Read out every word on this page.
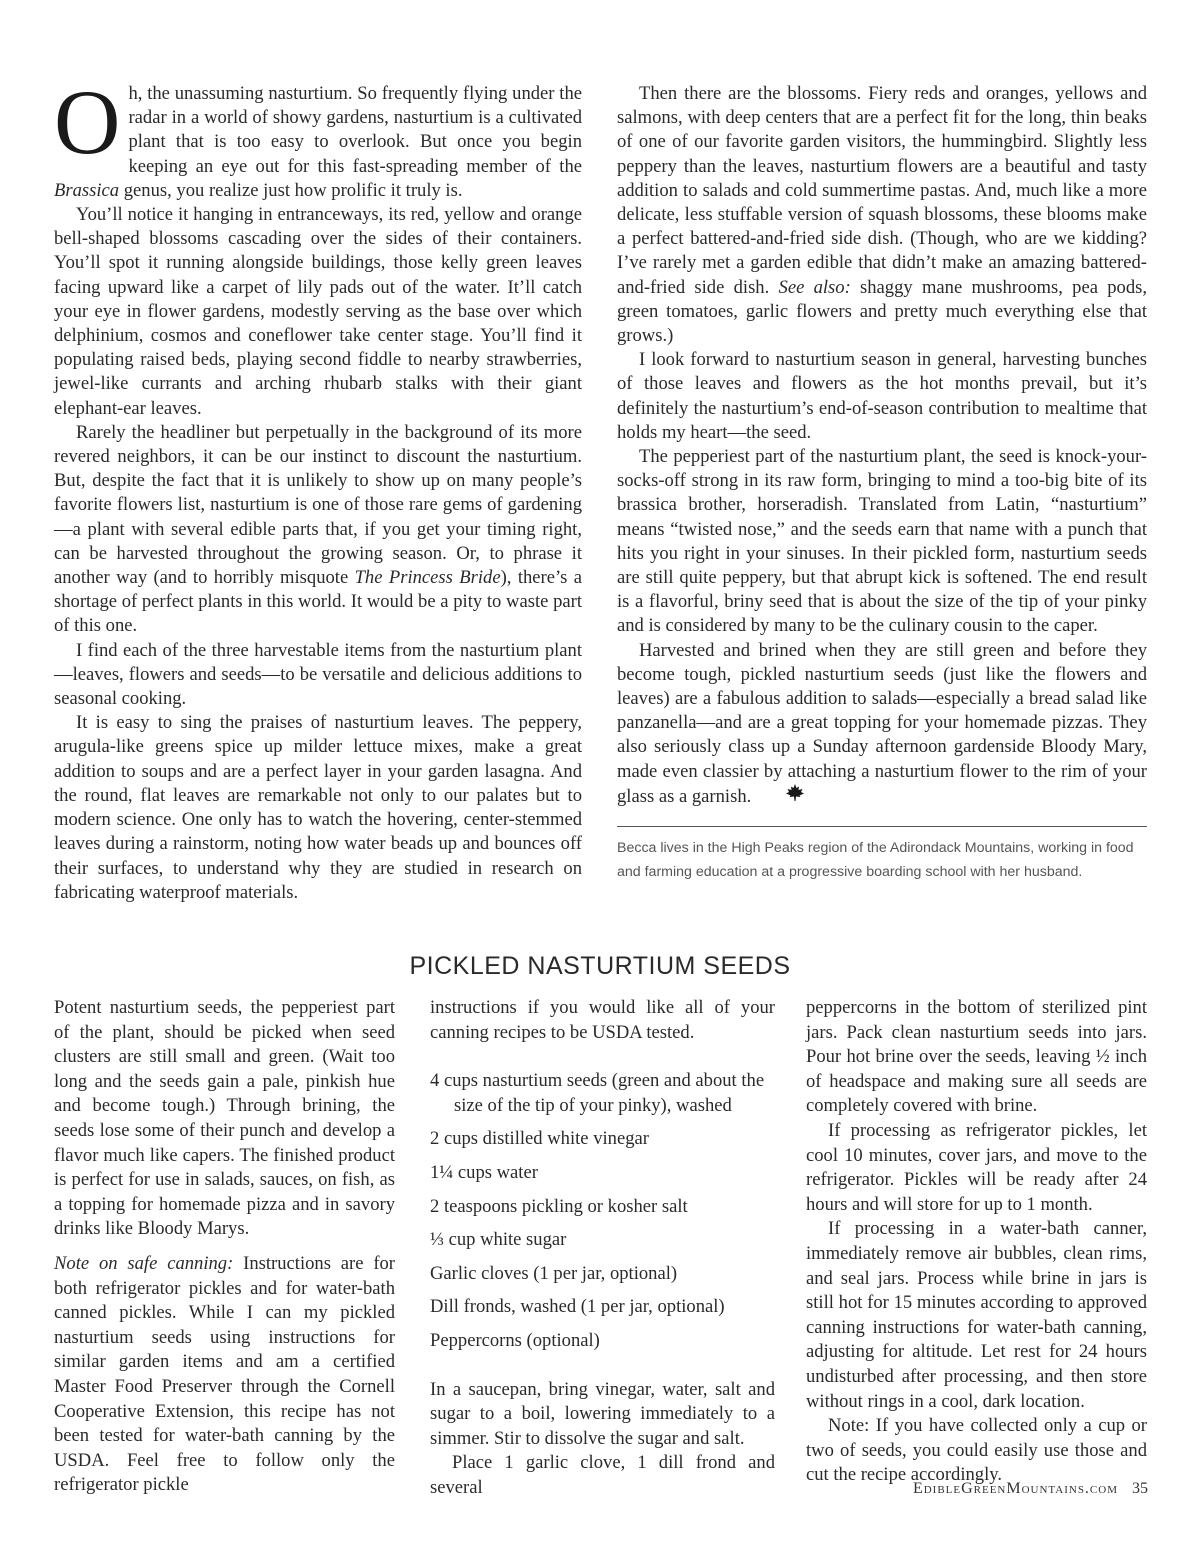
Oh, the unassuming nasturtium. So frequently flying under the radar in a world of showy gardens, nasturtium is a cultivated plant that is too easy to overlook. But once you begin keeping an eye out for this fast-spreading member of the Brassica genus, you realize just how prolific it truly is.

You’ll notice it hanging in entranceways, its red, yellow and orange bell-shaped blossoms cascading over the sides of their containers. You’ll spot it running alongside buildings, those kelly green leaves facing upward like a carpet of lily pads out of the water. It’ll catch your eye in flower gardens, modestly serving as the base over which delphinium, cosmos and coneflower take center stage. You’ll find it populating raised beds, playing second fiddle to nearby strawberries, jewel-like currants and arching rhubarb stalks with their giant elephant-ear leaves.

Rarely the headliner but perpetually in the background of its more revered neighbors, it can be our instinct to discount the nasturtium. But, despite the fact that it is unlikely to show up on many people’s favorite flowers list, nasturtium is one of those rare gems of gardening—a plant with several edible parts that, if you get your timing right, can be harvested throughout the growing season. Or, to phrase it another way (and to horribly misquote The Princess Bride), there’s a shortage of perfect plants in this world. It would be a pity to waste part of this one.

I find each of the three harvestable items from the nasturtium plant—leaves, flowers and seeds—to be versatile and delicious additions to seasonal cooking.

It is easy to sing the praises of nasturtium leaves. The peppery, arugula-like greens spice up milder lettuce mixes, make a great addition to soups and are a perfect layer in your garden lasagna. And the round, flat leaves are remarkable not only to our palates but to modern science. One only has to watch the hovering, center-stemmed leaves during a rainstorm, noting how water beads up and bounces off their surfaces, to understand why they are studied in research on fabricating waterproof materials.

Then there are the blossoms. Fiery reds and oranges, yellows and salmons, with deep centers that are a perfect fit for the long, thin beaks of one of our favorite garden visitors, the hummingbird. Slightly less peppery than the leaves, nasturtium flowers are a beautiful and tasty addition to salads and cold summertime pastas. And, much like a more delicate, less stuffable version of squash blossoms, these blooms make a perfect battered-and-fried side dish. (Though, who are we kidding? I’ve rarely met a garden edible that didn’t make an amazing battered-and-fried side dish. See also: shaggy mane mushrooms, pea pods, green tomatoes, garlic flowers and pretty much everything else that grows.)

I look forward to nasturtium season in general, harvesting bunches of those leaves and flowers as the hot months prevail, but it’s definitely the nasturtium’s end-of-season contribution to mealtime that holds my heart—the seed.

The pepperiest part of the nasturtium plant, the seed is knock-your-socks-off strong in its raw form, bringing to mind a too-big bite of its brassica brother, horseradish. Translated from Latin, “nasturtium” means “twisted nose,” and the seeds earn that name with a punch that hits you right in your sinuses. In their pickled form, nasturtium seeds are still quite peppery, but that abrupt kick is softened. The end result is a flavorful, briny seed that is about the size of the tip of your pinky and is considered by many to be the culinary cousin to the caper.

Harvested and brined when they are still green and before they become tough, pickled nasturtium seeds (just like the flowers and leaves) are a fabulous addition to salads—especially a bread salad like panzanella—and are a great topping for your homemade pizzas. They also seriously class up a Sunday afternoon gardenside Bloody Mary, made even classier by attaching a nasturtium flower to the rim of your glass as a garnish.

Becca lives in the High Peaks region of the Adirondack Mountains, working in food and farming education at a progressive boarding school with her husband.
PICKLED NASTURTIUM SEEDS

Potent nasturtium seeds, the pepperiest part of the plant, should be picked when seed clusters are still small and green. (Wait too long and the seeds gain a pale, pinkish hue and become tough.) Through brining, the seeds lose some of their punch and develop a flavor much like capers. The finished product is perfect for use in salads, sauces, on fish, as a topping for homemade pizza and in savory drinks like Bloody Marys.

Note on safe canning: Instructions are for both refrigerator pickles and for water-bath canned pickles. While I can my pickled nasturtium seeds using instructions for similar garden items and am a certified Master Food Preserver through the Cornell Cooperative Extension, this recipe has not been tested for water-bath canning by the USDA. Feel free to follow only the refrigerator pickle

instructions if you would like all of your canning recipes to be USDA tested.

4 cups nasturtium seeds (green and about the size of the tip of your pinky), washed

2 cups distilled white vinegar

1¼ cups water

2 teaspoons pickling or kosher salt

⅓ cup white sugar

Garlic cloves (1 per jar, optional)

Dill fronds, washed (1 per jar, optional)

Peppercorns (optional)

In a saucepan, bring vinegar, water, salt and sugar to a boil, lowering immediately to a simmer. Stir to dissolve the sugar and salt.

Place 1 garlic clove, 1 dill frond and several

peppercorns in the bottom of sterilized pint jars. Pack clean nasturtium seeds into jars. Pour hot brine over the seeds, leaving ½ inch of headspace and making sure all seeds are completely covered with brine.

If processing as refrigerator pickles, let cool 10 minutes, cover jars, and move to the refrigerator. Pickles will be ready after 24 hours and will store for up to 1 month.

If processing in a water-bath canner, immediately remove air bubbles, clean rims, and seal jars. Process while brine in jars is still hot for 15 minutes according to approved canning instructions for water-bath canning, adjusting for altitude. Let rest for 24 hours undisturbed after processing, and then store without rings in a cool, dark location.

Note: If you have collected only a cup or two of seeds, you could easily use those and cut the recipe accordingly.

EdibleGreenMountains.com 35
